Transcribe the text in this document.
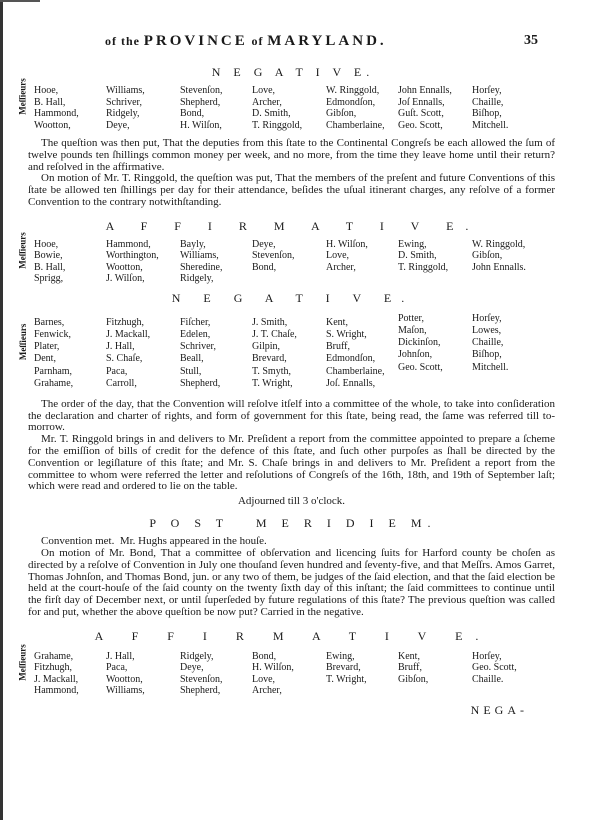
of the PROVINCE of MARYLAND.	35
N E G A T I V E.
Meſſieurs Hooe,
B. Hall,
Hammond,
Wootton,
Williams,
Schriver,
Ridgely,
Deye,
Stevenſon,
Shepherd,
Bond,
H. Wilſon,
Love,
Archer,
D. Smith,
T. Ringgold,
W. Ringgold,
Edmondſon,
Gibſon,
Chamberlaine,
John Ennalls,
Joſ Ennalls,
Guſt. Scott,
Geo. Scott,
Horſey,
Chaille,
Biſhop,
Mitchell.

The queſtion was then put, That the deputies from this ſtate to the Continental Congreſs be each allowed the ſum of twelve pounds ten ſhillings common money per week, and no more, from the time they leave home until their return? and reſolved in the affirmative.

On motion of Mr. T. Ringgold, the queſtion was put, That the members of the preſent and future Conventions of this ſtate be allowed ten ſhillings per day for their attendance, beſides the uſual itinerant charges, any reſolve of a former Convention to the contrary notwithſtanding.

A F F I R M A T I V E.
Meſſieurs Hooe,
Bowie,
B. Hall,
Sprigg,
Hammond,
Worthington,
Wootton,
J. Wilſon,
Bayly,
Williams,
Sheredine,
Ridgely,
Deye,
Stevenſon,
Bond,
H. Wilſon,
Love,
Archer,
Ewing,
D. Smith,
T. Ringgold,
W. Ringgold,
Gibſon,
John Ennalls.
N E G A T I V E.
Meſſieurs
Barnes,
Fenwick,
Plater,
Dent,
Parnham,
Grahame,
Fitzhugh,
J. Mackall,
J. Hall,
S. Chaſe,
Paca,
Carroll,
Fiſcher,
Edelen,
Schriver,
Beall,
Stull,
Shepherd,
J. Smith,
J. T. Chaſe,
Gilpin,
Brevard,
T. Smyth,
T. Wright,
Kent,
S. Wright,
Bruff,
Edmondſon,
Chamberlaine,
Joſ. Ennalls,
Potter,
Maſon,
Dickinſon,
Johnſon,
Geo. Scott,
Horſey,
Lowes,
Chaille,
Biſhop,
Mitchell.

The order of the day, that the Convention will reſolve itſelf into a committee of the whole, to take into conſideration the declaration and charter of rights, and form of government for this ſtate, being read, the ſame was referred till to-morrow.

Mr. T. Ringgold brings in and delivers to Mr. Preſident a report from the committee appointed to prepare a ſcheme for the emiſſion of bills of credit for the defence of this ſtate, and ſuch other purpoſes as ſhall be directed by the Convention or legiſlature of this ſtate; and Mr. S. Chaſe brings in and delivers to Mr. Preſident a report from the committee to whom were referred the letter and reſolutions of Congreſs of the 16th, 18th, and 19th of September laſt; which were read and ordered to lie on the table.

Adjourned till 3 o'clock.
P O S T   M E R I D I E M.

Convention met.  Mr. Hughs appeared in the houſe.

On motion of Mr. Bond, That a committee of obſervation and licencing ſuits for Harford county be choſen as directed by a reſolve of Convention in July one thouſand ſeven hundred and ſeventy-five, and that Meſſrs. Amos Garret, Thomas Johnſon, and Thomas Bond, jun. or any two of them, be judges of the ſaid election, and that the ſaid election be held at the court-houſe of the ſaid county on the twenty ſixth day of this inſtant; the ſaid committees to continue until the firſt day of December next, or until ſuperſeded by future regulations of this ſtate? The previous queſtion was called for and put, whether the above queſtion be now put? Carried in the negative.

A F F I R M A T I V E.
Meſſieurs Grahame,
Fitzhugh,
J. Mackall,
Hammond,
J. Hall,
Paca,
Wootton,
Williams,
Ridgely,
Deye,
Stevenſon,
Shepherd,
Bond,
H. Wilſon,
Love,
Archer,
Ewing,
Brevard,
T. Wright,
Kent,
Bruff,
Gibſon,
Horſey,
Geo. Scott,
Chaille.
NEGA-
